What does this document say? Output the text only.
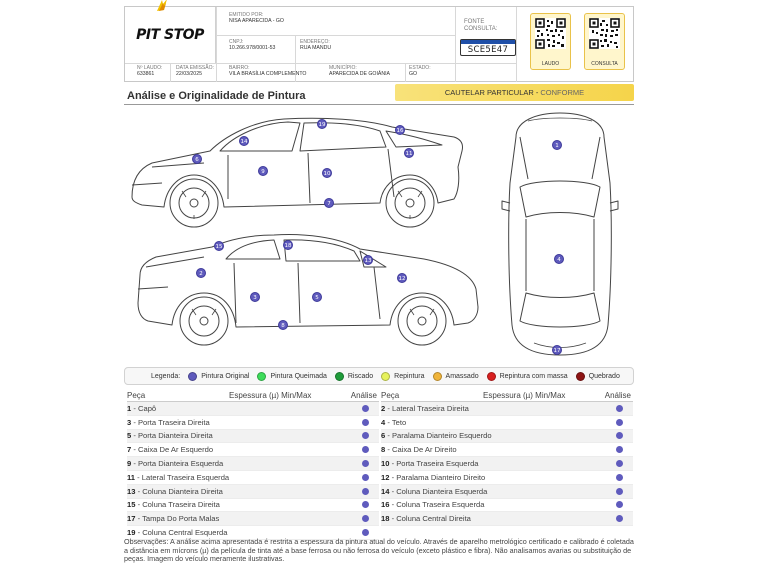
PIT STOP
EMITIDO POR:
NISA APARECIDA - GO
CNPJ:
10.266.978/0001-53
ENDEREÇO:
RUA MANDU
Nº LAUDO:
633861
DATA EMISSÃO:
22/03/2025
BAIRRO:
VILA BRASÍLIA COMPLEMENTO
MUNICÍPIO:
APARECIDA DE GOIÂNIA
ESTADO:
GO
FONTE
CONSULTA:
SCE5E47
LAUDO	CONSULTA
CAUTELAR PARTICULAR - CONFORME
Análise e Originalidade de Pintura
6
14
19
16
11
9	10
7
1
4
17
15	18
13
2
12
3	5
8
Legenda:	Pintura Original	Pintura Queimada	Riscado	Repintura	Amassado	Repintura com massa	Quebrado
Peça	Espessura (µ) Min/Max	Análise
1 - Capô
3 - Porta Traseira Direita
5 - Porta Dianteira Direita
7 - Caixa De Ar Esquerdo
9 - Porta Dianteira Esquerda
11 - Lateral Traseira Esquerda
13 - Coluna Dianteira Direita
15 - Coluna Traseira Direita
17 - Tampa Do Porta Malas
19 - Coluna Central Esquerda
Peça	Espessura (µ) Min/Max	Análise
2 - Lateral Traseira Direita
4 - Teto
6 - Paralama Dianteiro Esquerdo
8 - Caixa De Ar Direito
10 - Porta Traseira Esquerda
12 - Paralama Dianteiro Direito
14 - Coluna Dianteira Esquerda
16 - Coluna Traseira Esquerda
18 - Coluna Central Direita
Observações: A análise acima apresentada é restrita a espessura da pintura atual do veículo. Através de aparelho metrológico certificado e calibrado é coletada a distância em mícrons (µ) da película de tinta até a base ferrosa ou não ferrosa do veículo (exceto plástico e fibra). Não analisamos avarias ou substituição de peças. Imagem do veículo meramente ilustrativas.
